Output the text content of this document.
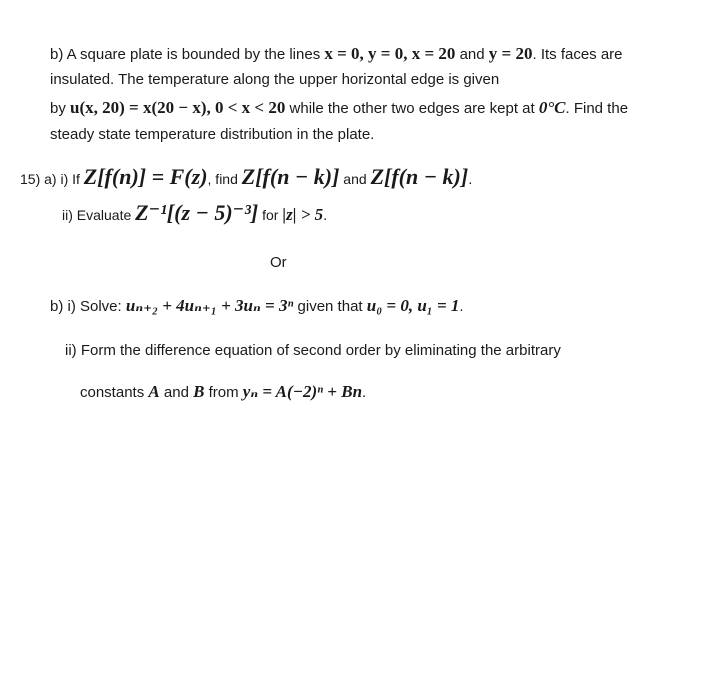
b) A square plate is bounded by the lines x = 0, y = 0, x = 20 and y = 20. Its faces are
insulated. The temperature along the upper horizontal edge is given
by u(x, 20) = x(20 − x), 0 < x < 20 while the other two edges are kept at 0°C. Find the
steady state temperature distribution in the plate.
15) a) i) If Z[f(n)] = F(z), find Z[f(n − k)] and Z[f(n − k)].
ii) Evaluate Z⁻¹[(z − 5)⁻³] for |z| > 5.
Or
b) i) Solve: uₙ₊₂ + 4uₙ₊₁ + 3uₙ = 3ⁿ given that u₀ = 0, u₁ = 1.
ii) Form the difference equation of second order by eliminating the arbitrary
constants A and B from yₙ = A(−2)ⁿ + Bn.
